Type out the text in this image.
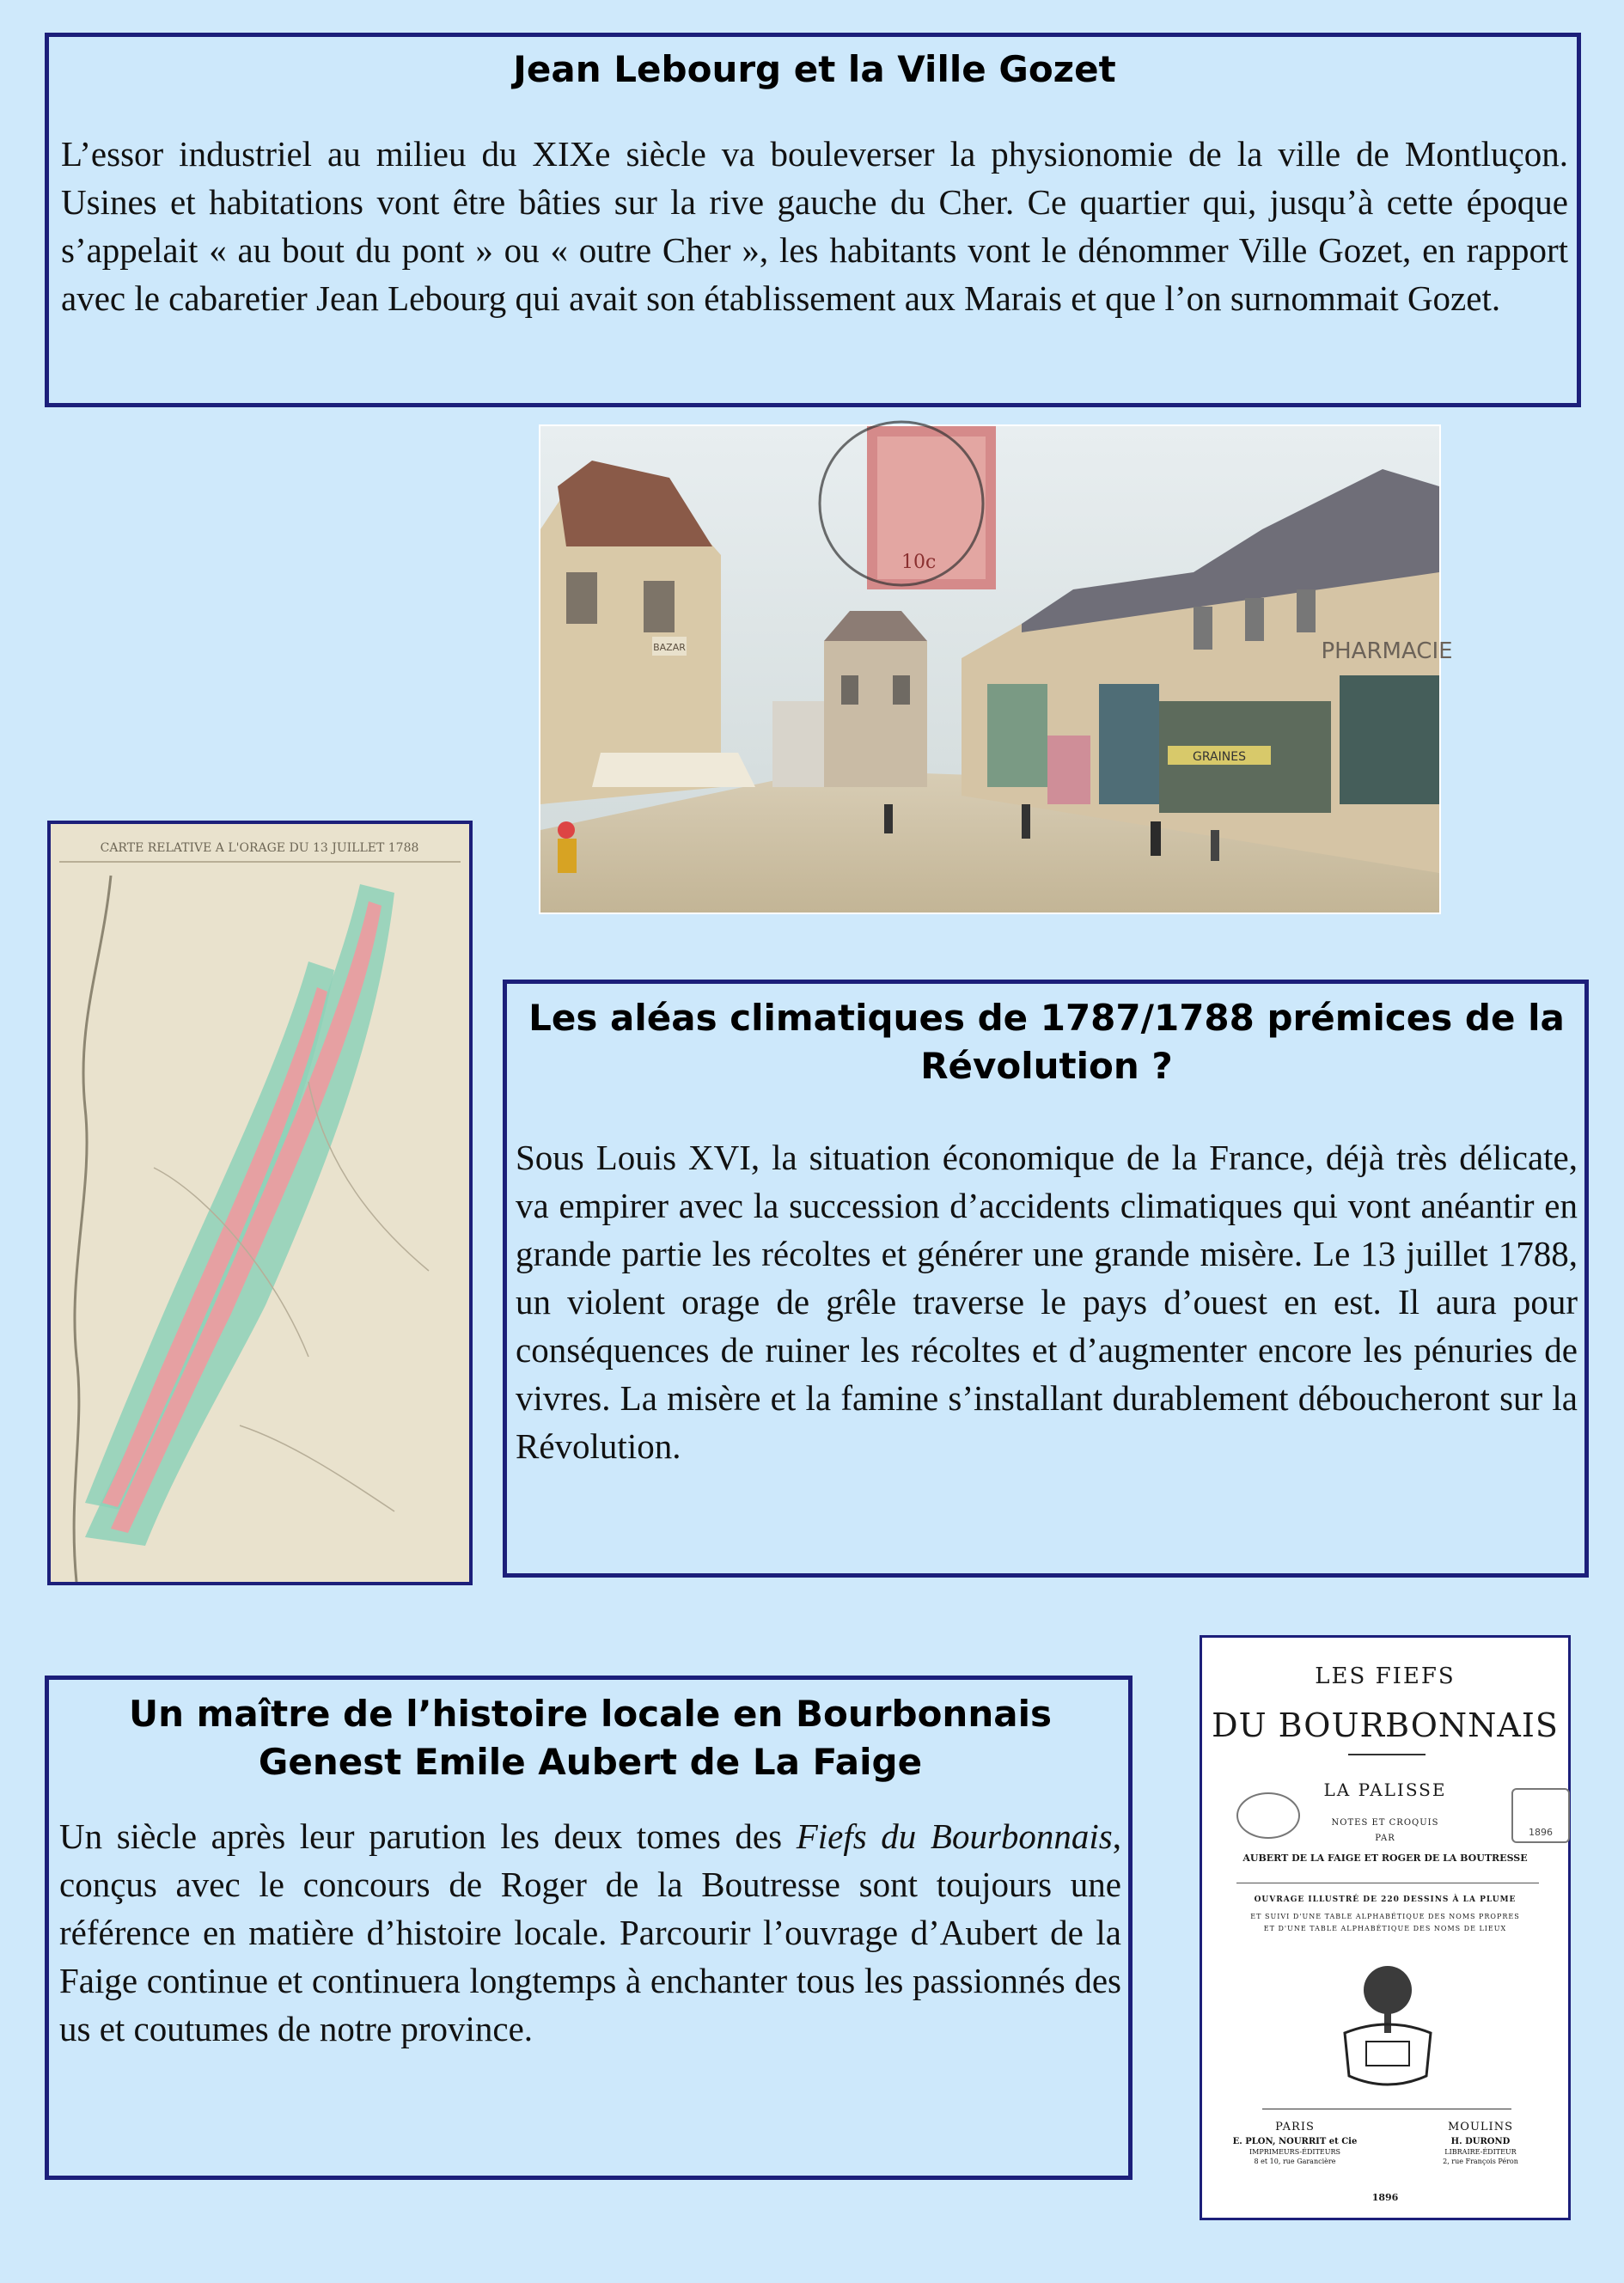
Jean Lebourg et la Ville Gozet

L’essor industriel au milieu du XIXe siècle va bouleverser la physionomie de la ville de Montluçon. Usines et habitations vont être bâties sur la rive gauche du Cher. Ce quartier qui, jusqu’à cette époque s’appelait « au bout du pont » ou « outre Cher », les habitants vont le dénommer Ville Gozet, en rapport avec le cabaretier Jean Lebourg qui avait son établissement aux Marais et que l’on surnommait Gozet.

BAZAR
GRAINES
PHARMACIE
10c
CARTE RELATIVE A L'ORAGE DU 13 JUILLET 1788
Les aléas climatiques de 1787/1788 prémices de la Révolution ?

Sous Louis XVI, la situation économique de la France, déjà très délicate, va empirer avec la succession d’accidents climatiques qui vont anéantir en grande partie les récoltes et générer une grande misère. Le 13 juillet 1788, un violent orage de grêle traverse le pays d’ouest en est. Il aura pour conséquences de ruiner les récoltes et d’augmenter encore les pénuries de vivres. La misère et la famine s’installant durablement déboucheront sur la Révolution.

Un maître de l’histoire locale en Bourbonnais
Genest Emile Aubert de La Faige

Un siècle après leur parution les deux tomes des Fiefs du Bourbonnais, conçus avec le concours de Roger de la Boutresse sont toujours une référence en matière d’histoire locale. Parcourir l’ouvrage d’Aubert de la Faige continue et continuera longtemps à enchanter tous les passionnés des us et coutumes de notre province.

LES FIEFS
DU BOURBONNAIS
LA PALISSE
NOTES ET CROQUIS
PAR
AUBERT DE LA FAIGE ET ROGER DE LA BOUTRESSE
OUVRAGE ILLUSTRÉ DE 220 DESSINS À LA PLUME
ET SUIVI D'UNE TABLE ALPHABÉTIQUE DES NOMS PROPRES
ET D'UNE TABLE ALPHABÉTIQUE DES NOMS DE LIEUX
1896
PARIS
E. PLON, NOURRIT et Cie
IMPRIMEURS-ÉDITEURS
8 et 10, rue Garancière
MOULINS
H. DUROND
LIBRAIRE-ÉDITEUR
2, rue François Péron
1896
